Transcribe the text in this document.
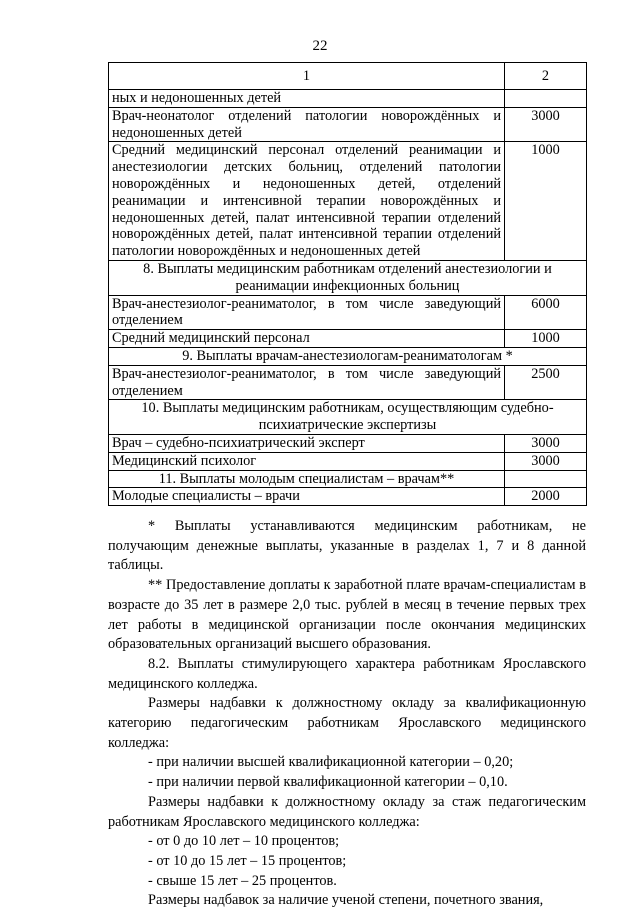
22
1	2
ных и недоношенных детей	
Врач-неонатолог отделений патологии новорождённых и недоношенных детей	3000
Средний медицинский персонал отделений реанимации и анестезиологии детских больниц, отделений патологии новорождённых и недоношенных детей, отделений реанимации и интенсивной терапии новорождённых и недоношенных детей, палат интенсивной терапии отделений новорождённых детей, палат интенсивной терапии отделений патологии новорождённых и недоношенных детей	1000
8. Выплаты медицинским работникам отделений анестезиологии и реанимации инфекционных больниц	
Врач-анестезиолог-реаниматолог, в том числе заведующий отделением	6000
Средний медицинский персонал	1000
9. Выплаты врачам-анестезиологам-реаниматологам *	
Врач-анестезиолог-реаниматолог, в том числе заведующий отделением	2500
10. Выплаты медицинским работникам, осуществляющим судебно-психиатрические экспертизы	
Врач – судебно-психиатрический эксперт	3000
Медицинский психолог	3000
11. Выплаты молодым специалистам – врачам**	
Молодые специалисты – врачи	2000

* Выплаты устанавливаются медицинским работникам, не получающим денежные выплаты, указанные в разделах 1, 7 и 8 данной таблицы.

** Предоставление доплаты к заработной плате врачам-специалистам в возрасте до 35 лет в размере 2,0 тыс. рублей в месяц в течение первых трех лет работы в медицинской организации после окончания медицинских образовательных организаций высшего образования.

8.2. Выплаты стимулирующего характера работникам Ярославского медицинского колледжа.

Размеры надбавки к должностному окладу за квалификационную категорию педагогическим работникам Ярославского медицинского колледжа:

- при наличии высшей квалификационной категории – 0,20;

- при наличии первой квалификационной категории – 0,10.

Размеры надбавки к должностному окладу за стаж педагогическим работникам Ярославского медицинского колледжа:

- от 0 до 10 лет – 10 процентов;

- от 10 до 15 лет – 15 процентов;

- свыше 15 лет – 25 процентов.

Размеры надбавок за наличие ученой степени, почетного звания,
